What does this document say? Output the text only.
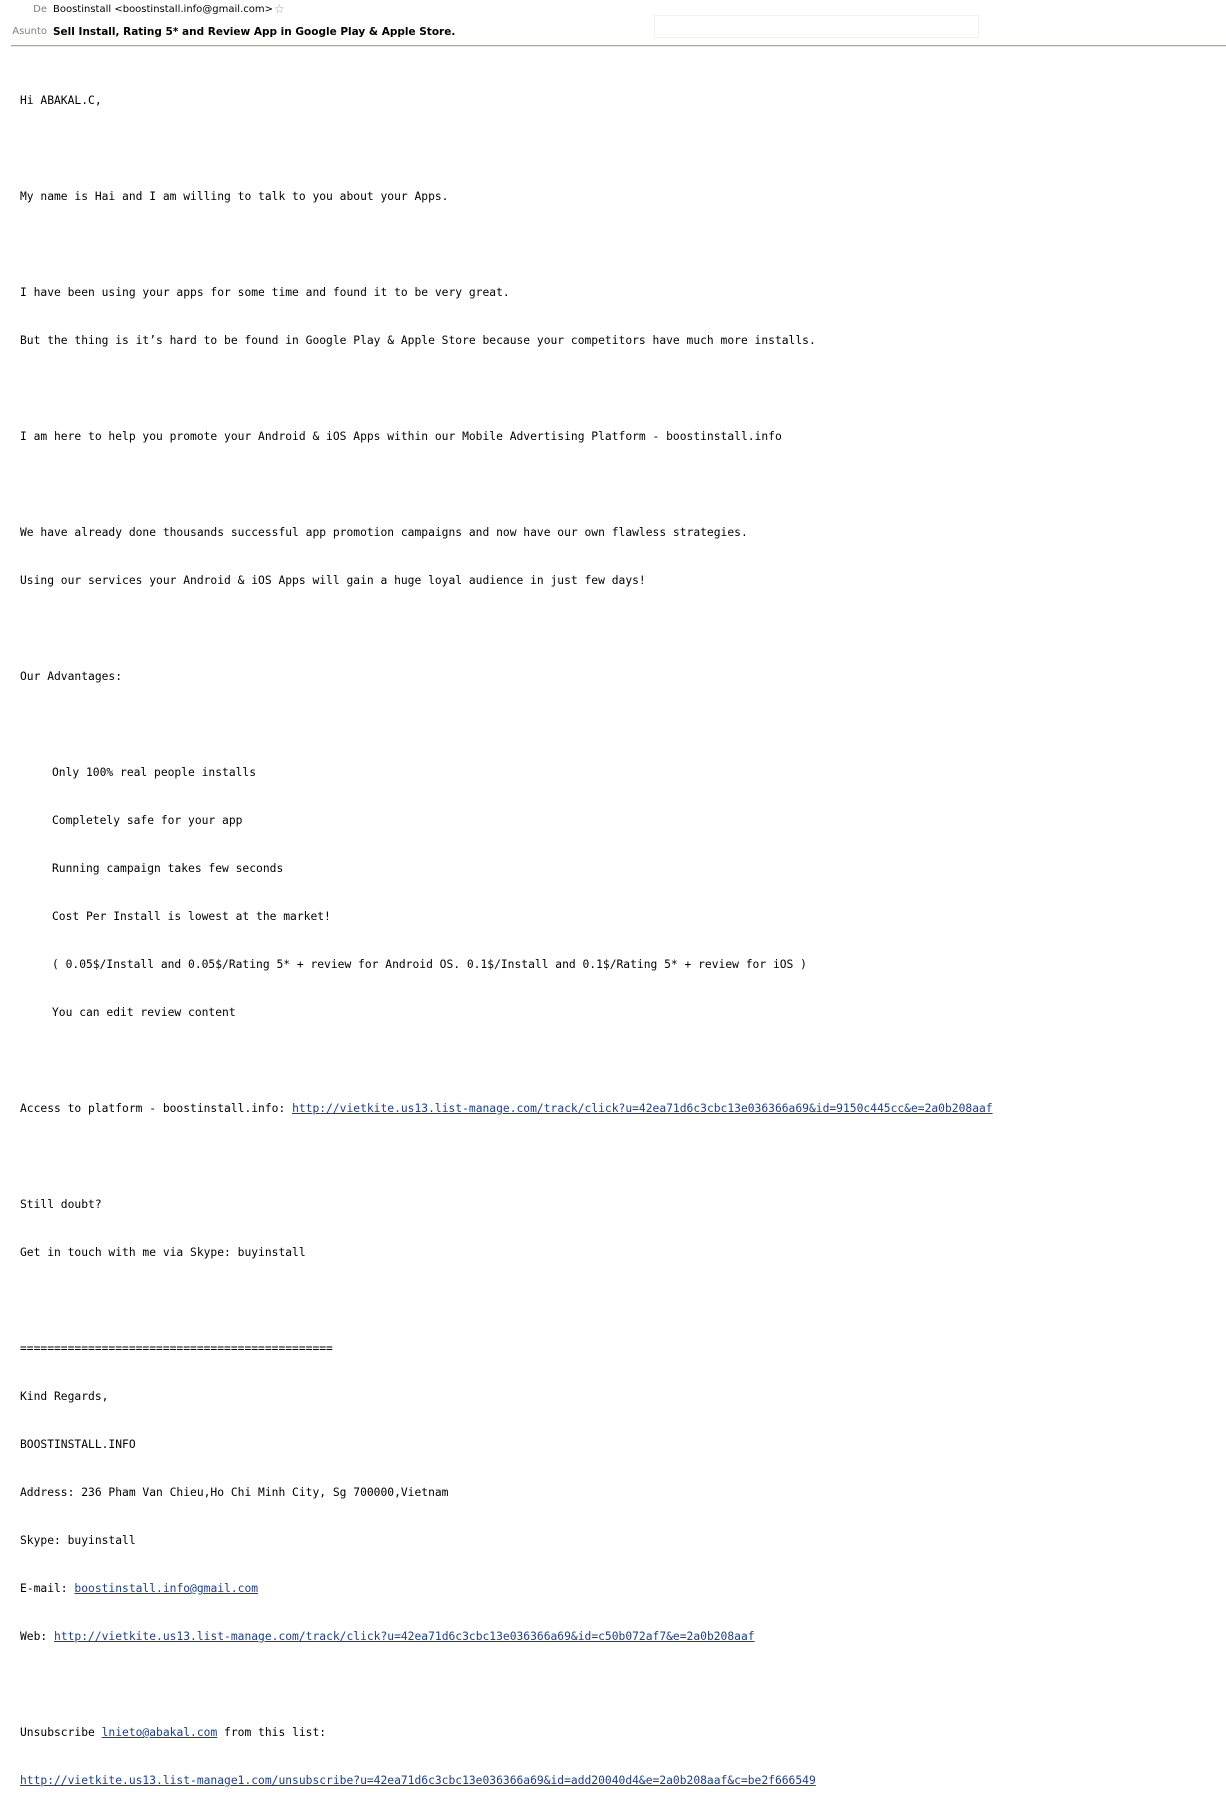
De Boostinstall <boostinstall.info@gmail.com>☆
Asunto Sell Install, Rating 5* and Review App in Google Play & Apple Store.

Hi ABAKAL.C,

My name is Hai and I am willing to talk to you about your Apps.

I have been using your apps for some time and found it to be very great.

But the thing is it’s hard to be found in Google Play & Apple Store because your competitors have much more installs.

I am here to help you promote your Android & iOS Apps within our Mobile Advertising Platform - boostinstall.info

We have already done thousands successful app promotion campaigns and now have our own flawless strategies.

Using our services your Android & iOS Apps will gain a huge loyal audience in just few days!

Our Advantages:

Only 100% real people installs

Completely safe for your app

Running campaign takes few seconds

Cost Per Install is lowest at the market!

( 0.05$/Install and 0.05$/Rating 5* + review for Android OS. 0.1$/Install and 0.1$/Rating 5* + review for iOS )

You can edit review content

Access to platform - boostinstall.info: http://vietkite.us13.list-manage.com/track/click?u=42ea71d6c3cbc13e036366a69&id=9150c445cc&e=2a0b208aaf

Still doubt?

Get in touch with me via Skype: buyinstall

==============================================

Kind Regards,

BOOSTINSTALL.INFO

Address: 236 Pham Van Chieu,Ho Chi Minh City, Sg 700000,Vietnam

Skype: buyinstall

E-mail: boostinstall.info@gmail.com

Web: http://vietkite.us13.list-manage.com/track/click?u=42ea71d6c3cbc13e036366a69&id=c50b072af7&e=2a0b208aaf

Unsubscribe lnieto@abakal.com from this list:

http://vietkite.us13.list-manage1.com/unsubscribe?u=42ea71d6c3cbc13e036366a69&id=add20040d4&e=2a0b208aaf&c=be2f666549
